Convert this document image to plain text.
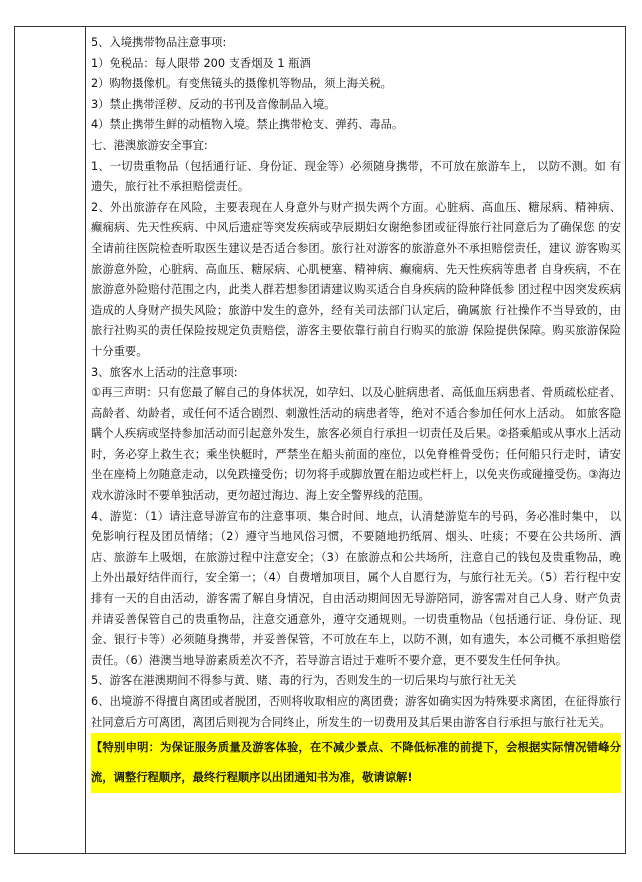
5、入境携带物品注意事项:

1）免税品：每人限带 200 支香烟及 1 瓶酒

2）购物摄像机。有变焦镜头的摄像机等物品，须上海关税。

3）禁止携带淫秽、反动的书刊及音像制品入境。

4）禁止携带生鲜的动植物入境。禁止携带枪支、弹药、毒品。

七、港澳旅游安全事宜:

1、一切贵重物品（包括通行证、身份证、现金等）必须随身携带，不可放在旅游车上， 以防不测。如 有遗失，旅行社不承担赔偿责任。

2、外出旅游存在风险，主要表现在人身意外与财产损失两个方面。心脏病、高血压、糖尿病、精神病、 癫痫病、先天性疾病、中风后遗症等突发疾病或孕辰期妇女谢绝参团或征得旅行社同意后为了确保您 的安全请前往医院检查听取医生建议是否适合参团。旅行社对游客的旅游意外不承担赔偿责任，建议 游客购买旅游意外险，心脏病、高血压、糖尿病、心肌梗塞、精神病、癫痫病、先天性疾病等患者 自身疾病，不在旅游意外险赔付范围之内，此类人群若想参团请建议购买适合自身疾病的险种降低参 团过程中因突发疾病造成的人身财产损失风险；旅游中发生的意外，经有关司法部门认定后，确属旅 行社操作不当导致的，由旅行社购买的责任保险按规定负责赔偿，游客主要依靠行前自行购买的旅游 保险提供保障。购买旅游保险十分重要。

3、旅客水上活动的注意事项:

①再三声明：只有您最了解自己的身体状况，如孕妇、以及心脏病患者、高低血压病患者、骨质疏松症者、高龄者、幼龄者，或任何不适合剧烈、刺激性活动的病患者等，绝对不适合参加任何水上活动。 如旅客隐瞒个人疾病或坚持参加活动而引起意外发生，旅客必须自行承担一切责任及后果。②搭乘船或从事水上活动时，务必穿上救生衣；乘坐快艇时，严禁坐在船头前面的座位，以免脊椎骨受伤；任何船只行走时，请安坐在座椅上勿随意走动，以免跌撞受伤；切勿将手或脚放置在船边或栏杆上，以免夹伤或碰撞受伤。③海边戏水游泳时不要单独活动，更勿超过海边、海上安全警界线的范围。

4、游览：（1）请注意导游宣布的注意事项、集合时间、地点，认清楚游览车的号码，务必准时集中， 以免影响行程及团员情绪；（2）遵守当地风俗习惯，不要随地扔纸屑、烟头、吐痰；不要在公共场所、酒店、旅游车上吸烟，在旅游过程中注意安全；（3）在旅游点和公共场所，注意自己的钱包及贵重物品，晚上外出最好结伴而行，安全第一；（4）自费增加项目，属个人自愿行为，与旅行社无关。（5）若行程中安排有一天的自由活动，游客需了解自身情况，自由活动期间因无导游陪同，游客需对自己人身、财产负责并请妥善保管自己的贵重物品，注意交通意外，遵守交通规则。一切贵重物品（包括通行证、身份证、现金、银行卡等）必须随身携带，并妥善保管，不可放在车上，以防不测，如有遗失，本公司概不承担赔偿责任。（6）港澳当地导游素质差次不齐，若导游言语过于难听不要介意，更不要发生任何争执。

5、游客在港澳期间不得参与黄、赌、毒的行为，否则发生的一切后果均与旅行社无关

6、出境游不得擅自离团或者脱团，否则将收取相应的离团费；游客如确实因为特殊要求离团，在征得旅行社同意后方可离团，离团后则视为合同终止，所发生的一切费用及其后果由游客自行承担与旅行社无关。

【特别申明：为保证服务质量及游客体验，在不减少景点、不降低标准的前提下，会根据实际情况错峰分流，调整行程顺序，最终行程顺序以出团通知书为准，敬请谅解!
